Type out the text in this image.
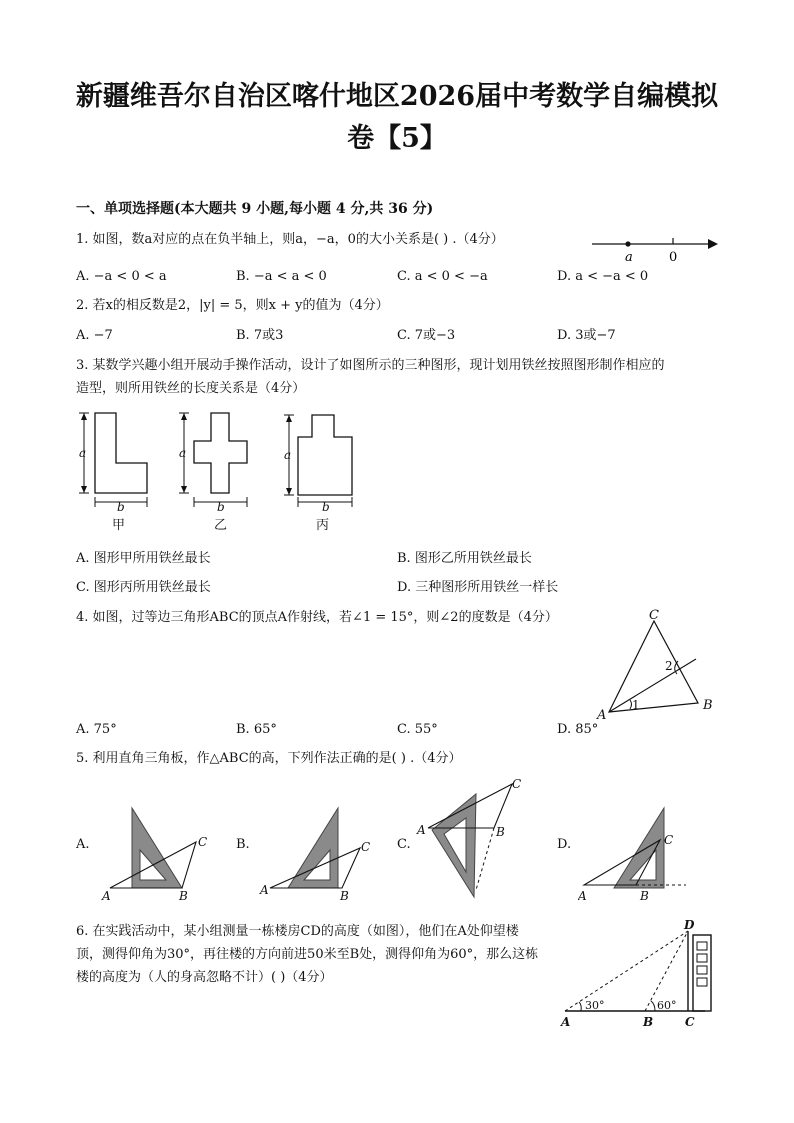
新疆维吾尔自治区喀什地区2026届中考数学自编模拟
卷【5】
一、单项选择题(本大题共 9 小题,每小题 4 分,共 36 分)
1. 如图，数a对应的点在负半轴上，则a，−a，0的大小关系是( ) .（4分）
a	0
A. −a < 0 < a	B. −a < a < 0	C. a < 0 < −a	D. a < −a < 0
2. 若x的相反数是2，|y| = 5，则x + y的值为（4分）
A. −7	B. 7或3	C. 7或−3	D. 3或−7
3. 某数学兴趣小组开展动手操作活动，设计了如图所示的三种图形，现计划用铁丝按照图形制作相应的
造型，则所用铁丝的长度关系是（4分）
a
b
甲
a
b
乙
a
b
丙
A. 图形甲所用铁丝最长	B. 图形乙所用铁丝最长
C. 图形丙所用铁丝最长	D. 三种图形所用铁丝一样长
4. 如图，过等边三角形ABC的顶点A作射线，若∠1 = 15°，则∠2的度数是（4分）	C
A
B
1
2
A. 75°	B. 65°	C. 55°	D. 85°
5. 利用直角三角板，作△ABC的高，下列作法正确的是( ) .（4分）
A.
A	B
C B.
A	B
C C.
A	B
C
D.
A	B
C
6. 在实践活动中，某小组测量一栋楼房CD的高度（如图），他们在A处仰望楼
顶，测得仰角为30°，再往楼的方向前进50米至B处，测得仰角为60°，那么这栋
楼的高度为（人的身高忽略不计）( )（4分）
D
A	B	C
30°	60°
